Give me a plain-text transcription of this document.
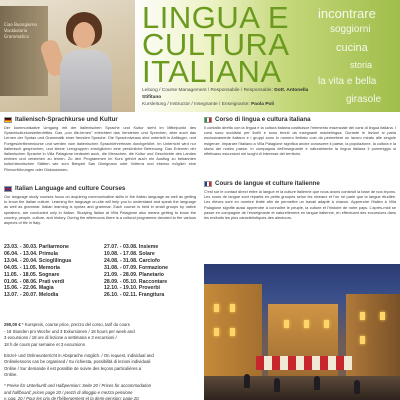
Ciao Buongiorno Vocabolario Grammatica
LINGUA E
CULTURA
ITALIANA
Leitung / Course Management / Responsabile / Responsable: Dott. Antonella Stifitano
Kursleitung / Instructor / Insegnante / Enseignante: Paola Poli
incontrare
soggiorni
cucina
storia
la vita e bella
girasole
Italienisch-Sprachkurse und Kultur

Der kommunikative Umgang mit der italienischen Sprache und Kultur steht im Mittelpunkt des Sprachkulturkursleiterdrittes. Das „con die-lernen" erleichtert das Verstehen und Sprechen, aber auch das Lernen der Syntax und Grammatik einer fremden Sprache. Die Sprachniveaus sind unterteilt in Anfänger- und Fortgeschrittenenkurse und werden vom italienischen Sprachlehrerteam durchgeführt. Im Unterricht wird nur Italienisch gesprochen, und kleine Lerngruppen ermöglichen eine persönliche Betreuung. Das Erlernen der italienischen Sprache in Villa Palagione bedeutet auch, die Menschen, die Kultur und Geschichte des Landes erleben und verstehen zu lernen. Zu den Programmen im Kurs gehört auch ein Ausflug zu bekannten kulturhistorischen Stätten wie zum Beispiel San Gimignano oder Volterra und ebenso möglich eine Filmvorführungen oder Diskussionen.

Italian Language and culture Courses

Our language study courses focus on acquiring communicative skills in the Italian language as well as getting to know the Italian culture. Learning the language on-site will help you to understand and speak the language as well as grammar. Italian learning is syntax and grammar. Each course is held in small groups by native speakers, are conducted only in Italian. Studying Italian at Villa Palagione also means getting to know the country, people, culture, and history. During the afternoons there is a cultural programme devoted to the various aspects of life in Italy.

23.03. - 30.03. Parliarmone
06.04. - 13.04. Primula
13.04. - 20.04. Scioglilingua
04.05. - 11.05. Memoria
11.05. - 18.05. Sognare
01.06. - 08.06. Prati verdi
15.06. - 22.06. Magia
13.07. - 20.07. Melodia
27.07. - 03.08. Insieme
10.08. - 17.08. Solare
24.08. - 31.08. Carciofo
31.08. - 07.09. Formazione
21.09. - 28.09. Planetario
28.09. - 05.10. Raccontare
12.10. - 19.10. Proverbi
26.10. - 02.11. Frangitura
290,00 € * Kurspreis, course price, prezzo del corso, tarif du cours
- 18 Stunden pro Woche und 3 Exkursionen / 18 hours per week and
3 excursions / 18 ore di lezione a settimana e 3 escursioni /
18 h de cours par semaine et 3 excursions
Einzel- und Onlineunterricht in Absprache möglich. / On request, individual and
Onlinelessons can be organised / Su richiesta, possibilità di lezioni individuali
Online / Sur demande il est possible de suivre des leçons particulières a
Online.
* Preise für Unterkunft und Halbpension: Seite 20 / Prices for accommodation
and halfboard: prices page 20 / prezzi di alloggio e mezza pensione
v. pag. 20 / Pour les prix de l'hébergement et la demi-pension: page 20.
Corso di lingua e cultura italiana

Il contatto diretto con la lingua e la cultura italiana costituisce l'elemento essenziale dei corsi di lingua italiana. I corsi sono suddivisi per livelli e sono tenuti da insegnanti madrelingua. Durante le lezioni si parla esclusivamente italiano e i gruppi sono in numero limitato così da permettere un lavoro mirato alle singole esigenze. Imparare l'italiano a Villa Palagione significa anche conoscere il paese, la popolazione, la cultura e la storia del nostro paese. In compagnia dell'insegnante e naturalmente la lingua italiana il pomeriggio si effettuano escursioni nei luoghi di interesse del territorio.

Cours de langue et culture italienne

C'est sur le contact direct entre la langue et la culture italienne que nous avons construit la base de nos leçons. Les cours de langue sont répartis en petits groupes selon les niveaux et l'on ne parle que la langue étudiée. Les élèves sont en nombre limité afin de permettre un travail adapté à chacun. Apprendre l'italien à Villa Palagione signifie aussi apprendre à connaître le peuple, la culture et l'histoire de notre pays. L'après-midi se passe en compagnie de l'enseignante et naturellement en langue italienne, en effectuant des excursions dans les endroits les plus caractéristiques des alentours.
